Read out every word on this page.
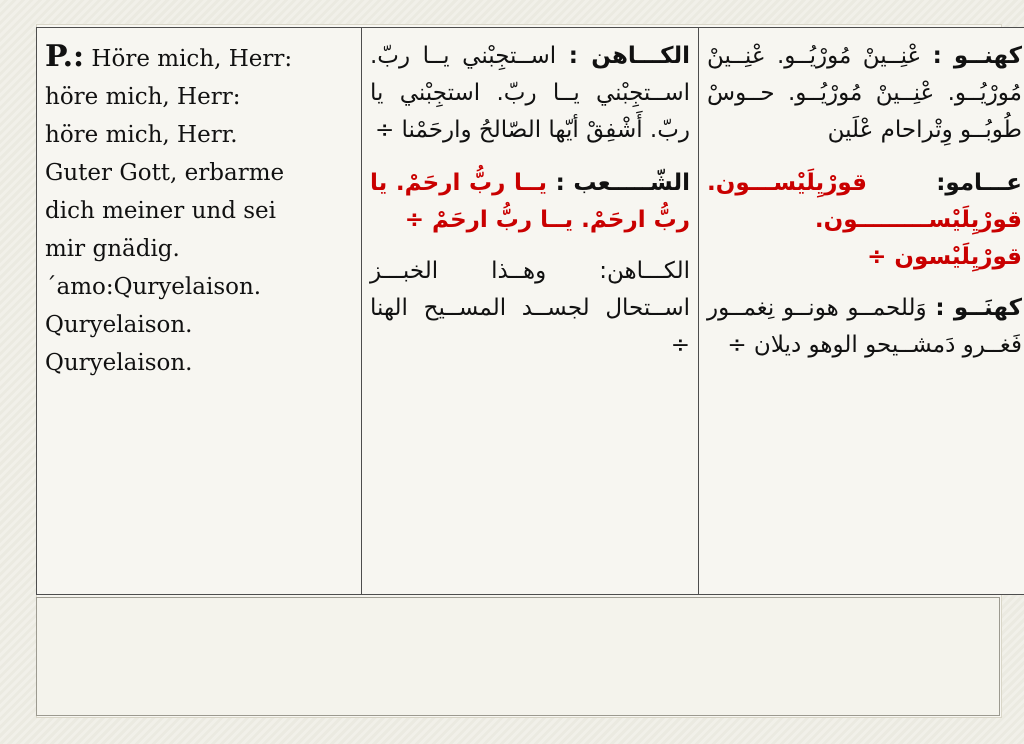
P.: Höre mich, Herr:
höre mich, Herr:
höre mich, Herr.
Guter Gott, erbarme
dich meiner und sei
mir gnädig.
´amo:Quryelaison.
Quryelaison.
Quryelaison.

الكـــاهن : اســتجِبْني يــا ربّ. اســتجِبْني يــا ربّ. استجِبْني يا ربّ. أَشْفِقْ أيّها الصّالحُ وارحَمْنا ÷
الشّـــــعب : يــا ربُّ ارحَمْ. يا ربُّ ارحَمْ. يــا ربُّ ارحَمْ ÷
الكـــاهن: وهــذا الخبـــز اســتحال لجســد المســيح الهنا ÷

كهنــو : عْنِــينْ مُورْيُــو. عْنِــينْ مُورْيُــو. عْنِــينْ مُورْيُــو. حــوسْ طُوبُــو وِتْراحام عْلَين
عـــامو: قورْيِلَيْســـون. قورْيِلَيْســـــــــون. قورْيِلَيْسون ÷
كهنَــو : وَللحمــو هونــو نِغمــور فَغــرو دَمشــيحو الوهو ديلان ÷
